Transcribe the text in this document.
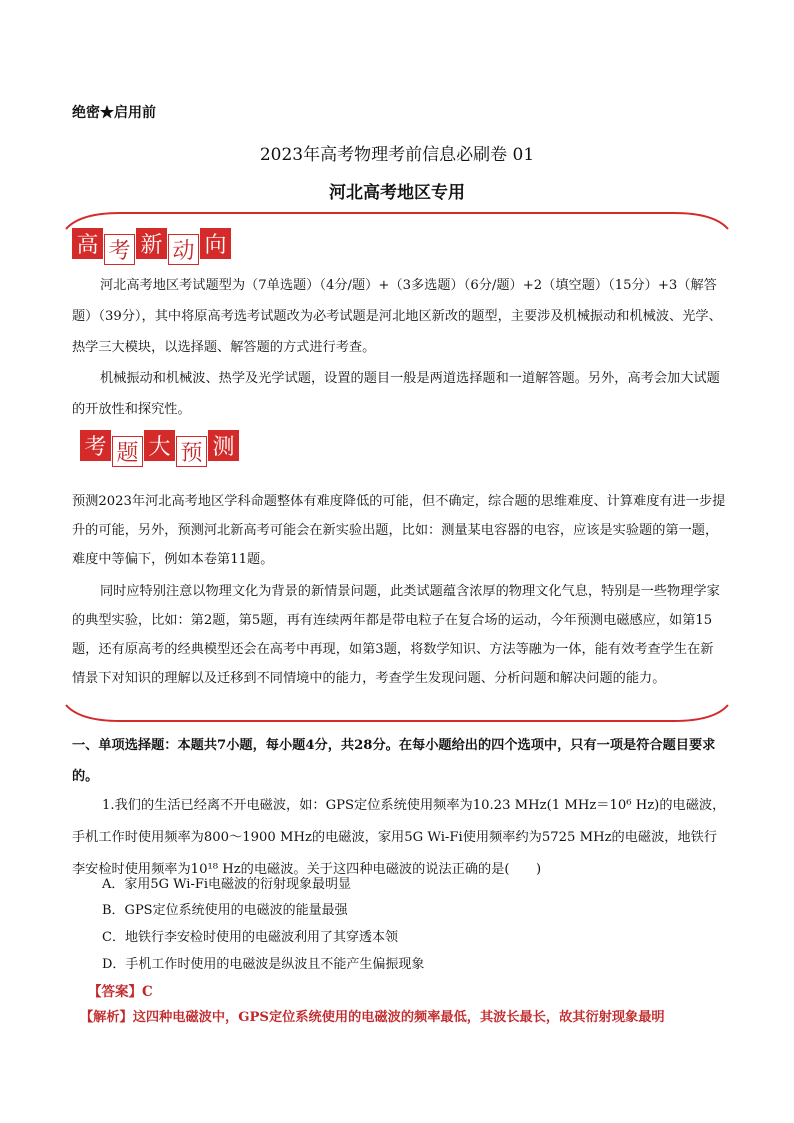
绝密★启用前
2023年高考物理考前信息必刷卷 01
河北高考地区专用
高 考 新 动 向

河北高考地区考试题型为（7单选题）（4分/题）+（3多选题）（6分/题）+2（填空题）（15分）+3（解答题）（39分），其中将原高考选考试题改为必考试题是河北地区新改的题型，主要涉及机械振动和机械波、光学、热学三大模块，以选择题、解答题的方式进行考查。

机械振动和机械波、热学及光学试题，设置的题目一般是两道选择题和一道解答题。另外，高考会加大试题的开放性和探究性。

考 题 大 预 测

预测2023年河北高考地区学科命题整体有难度降低的可能，但不确定，综合题的思维难度、计算难度有进一步提升的可能，另外，预测河北新高考可能会在新实验出题，比如：测量某电容器的电容，应该是实验题的第一题，难度中等偏下，例如本卷第11题。

同时应特别注意以物理文化为背景的新情景问题，此类试题蕴含浓厚的物理文化气息，特别是一些物理学家的典型实验，比如：第2题，第5题，再有连续两年都是带电粒子在复合场的运动，今年预测电磁感应，如第15题，还有原高考的经典模型还会在高考中再现，如第3题，将数学知识、方法等融为一体，能有效考查学生在新情景下对知识的理解以及迁移到不同情境中的能力，考查学生发现问题、分析问题和解决问题的能力。

一、单项选择题：本题共7小题，每小题4分，共28分。在每小题给出的四个选项中，只有一项是符合题目要求的。

1.我们的生活已经离不开电磁波，如：GPS定位系统使用频率为10.23 MHz(1 MHz＝10⁶ Hz)的电磁波，

手机工作时使用频率为800～1900 MHz的电磁波，家用5G Wi-Fi使用频率约为5725 MHz的电磁波，地铁行

李安检时使用频率为10¹⁸ Hz的电磁波。关于这四种电磁波的说法正确的是(　　)

A．家用5G Wi-Fi电磁波的衍射现象最明显
B．GPS定位系统使用的电磁波的能量最强
C．地铁行李安检时使用的电磁波利用了其穿透本领
D．手机工作时使用的电磁波是纵波且不能产生偏振现象
【答案】C
【解析】这四种电磁波中，GPS定位系统使用的电磁波的频率最低，其波长最长，故其衍射现象最明
